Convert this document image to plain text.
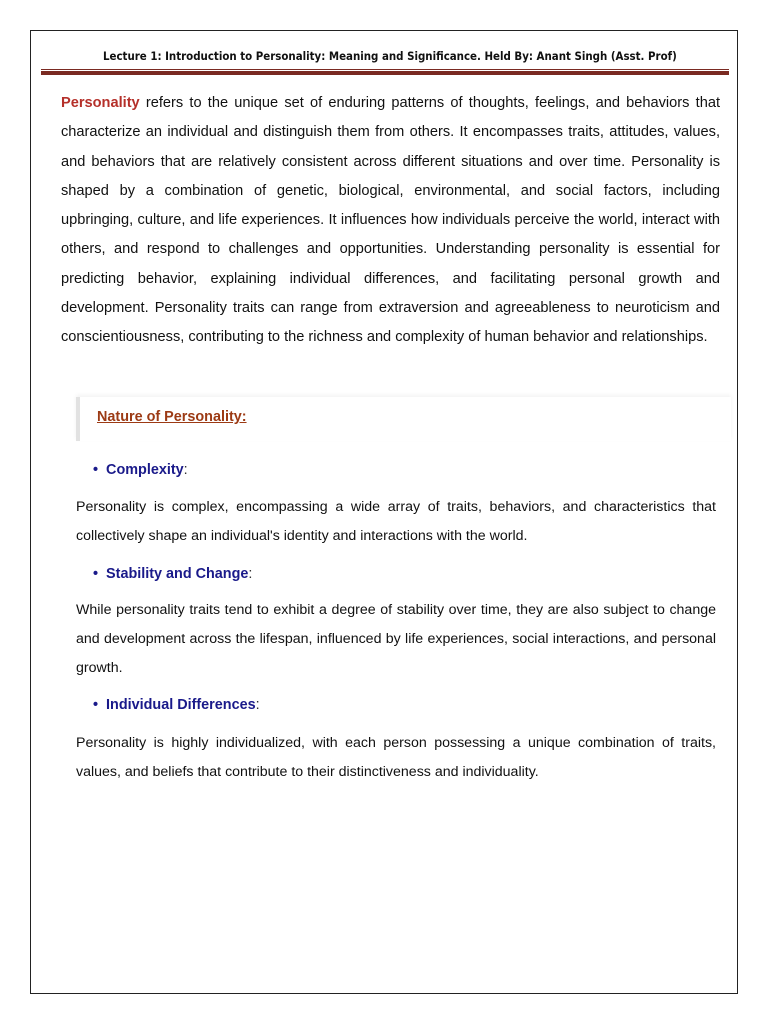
Lecture 1: Introduction to Personality: Meaning and Significance. Held By: Anant Singh (Asst. Prof)

Personality refers to the unique set of enduring patterns of thoughts, feelings, and behaviors that characterize an individual and distinguish them from others. It encompasses traits, attitudes, values, and behaviors that are relatively consistent across different situations and over time. Personality is shaped by a combination of genetic, biological, environmental, and social factors, including upbringing, culture, and life experiences. It influences how individuals perceive the world, interact with others, and respond to challenges and opportunities. Understanding personality is essential for predicting behavior, explaining individual differences, and facilitating personal growth and development. Personality traits can range from extraversion and agreeableness to neuroticism and conscientiousness, contributing to the richness and complexity of human behavior and relationships.

Nature of Personality:
• Complexity:

Personality is complex, encompassing a wide array of traits, behaviors, and characteristics that collectively shape an individual's identity and interactions with the world.

• Stability and Change:

While personality traits tend to exhibit a degree of stability over time, they are also subject to change and development across the lifespan, influenced by life experiences, social interactions, and personal growth.

• Individual Differences:

Personality is highly individualized, with each person possessing a unique combination of traits, values, and beliefs that contribute to their distinctiveness and individuality.
